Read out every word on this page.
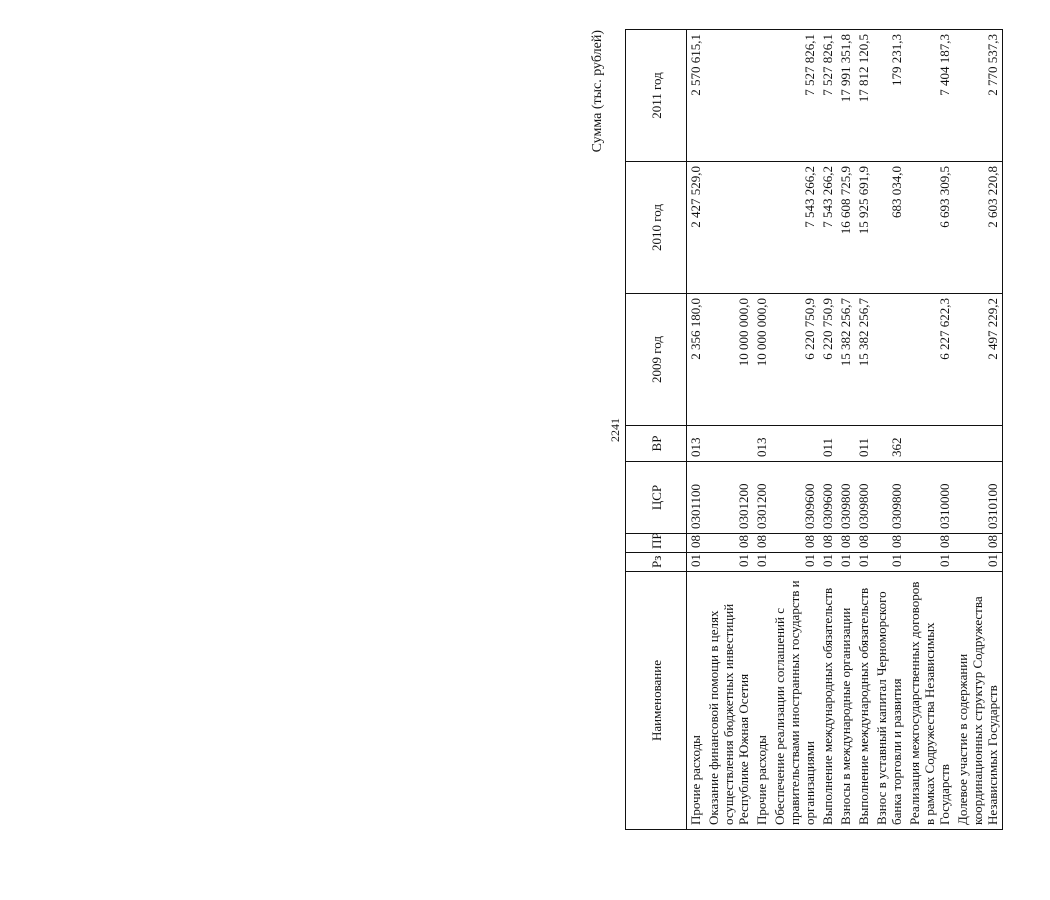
2241
Сумма (тыс. рублей)
Наименование	Рз	ПР	ЦСР	ВР	2009 год	2010 год	2011 год
Прочие расходы	01	08	0301100	013	2 356 180,0	2 427 529,0	2 570 615,1
Оказание финансовой помощи в целях осуществления бюджетных инвестиций Республике Южная Осетия	01	08	0301200		10 000 000,0		
Прочие расходы	01	08	0301200	013	10 000 000,0		
Обеспечение реализации соглашений с правительствами иностранных государств и организациями	01	08	0309600		6 220 750,9	7 543 266,2	7 527 826,1
Выполнение международных обязательств	01	08	0309600	011	6 220 750,9	7 543 266,2	7 527 826,1
Взносы в международные организации	01	08	0309800		15 382 256,7	16 608 725,9	17 991 351,8
Выполнение международных обязательств	01	08	0309800	011	15 382 256,7	15 925 691,9	17 812 120,5
Взнос в уставный капитал Черноморского банка торговли и развития	01	08	0309800	362		683 034,0	179 231,3
Реализация межгосударственных договоров в рамках Содружества Независимых Государств	01	08	0310000		6 227 622,3	6 693 309,5	7 404 187,3
Долевое участие в содержании координационных структур Содружества Независимых Государств	01	08	0310100		2 497 229,2	2 603 220,8	2 770 537,3
